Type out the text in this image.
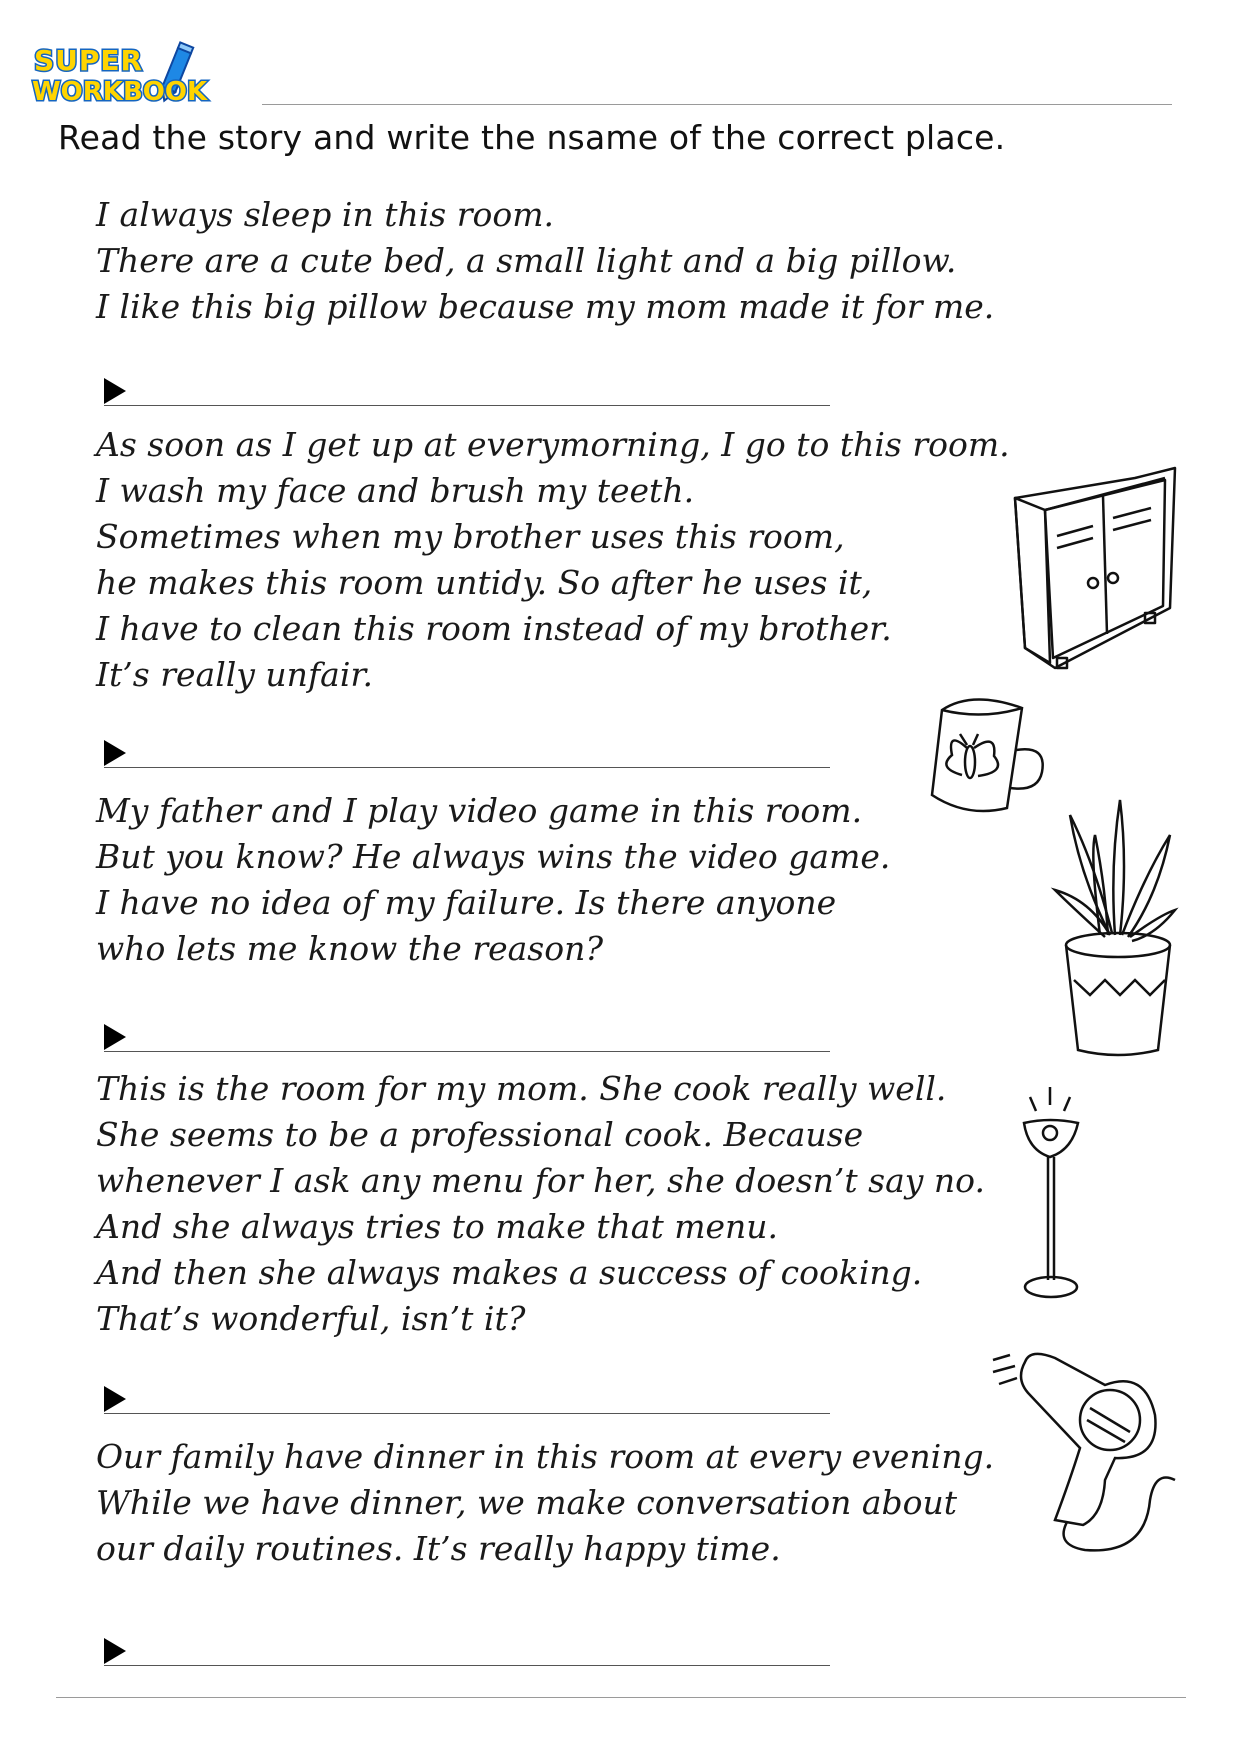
SUPER
WORKBOOK
Read the story and write the nsame of the correct place.
I always sleep in this room.
There are a cute bed, a small light and a big pillow.
I like this big pillow because my mom made it for me.
As soon as I get up at everymorning, I go to this room.
I wash my face and brush my teeth.
Sometimes when my brother uses this room,
he makes this room untidy. So after he uses it,
I have to clean this room instead of my brother.
It’s really unfair.
My father and I play video game in this room.
But you know? He always wins the video game.
I have no idea of my failure. Is there anyone
who lets me know the reason?
This is the room for my mom. She cook really well.
She seems to be a professional cook. Because
whenever I ask any menu for her, she doesn’t say no.
And she always tries to make that menu.
And then she always makes a success of cooking.
That’s wonderful, isn’t it?
Our family have dinner in this room at every evening.
While we have dinner, we make conversation about
our daily routines. It’s really happy time.
